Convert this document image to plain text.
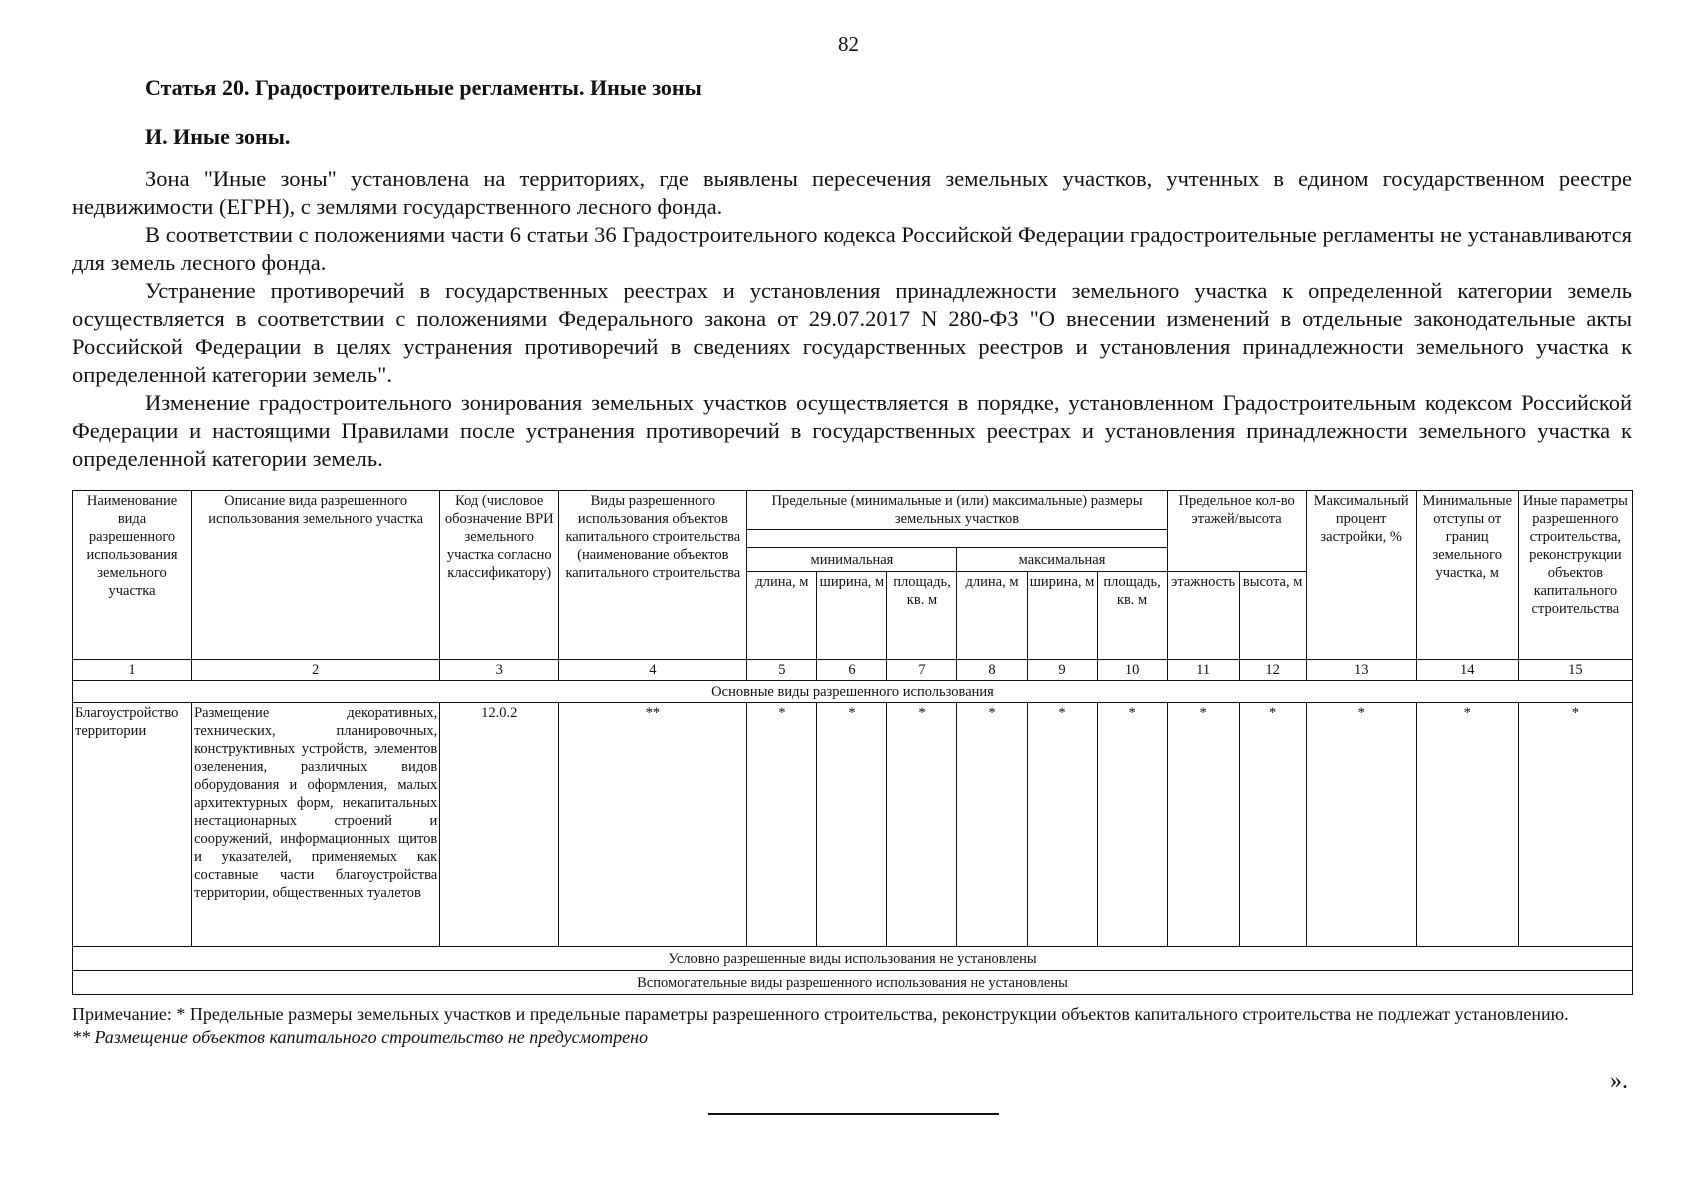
82
Статья 20. Градостроительные регламенты. Иные зоны
И. Иные зоны.

Зона "Иные зоны" установлена на территориях, где выявлены пересечения земельных участков, учтенных в едином государственном реестре недвижимости (ЕГРН), с землями государственного лесного фонда.

В соответствии с положениями части 6 статьи 36 Градостроительного кодекса Российской Федерации градостроительные регламенты не устанавливаются для земель лесного фонда.

Устранение противоречий в государственных реестрах и установления принадлежности земельного участка к определенной категории земель осуществляется в соответствии с положениями Федерального закона от 29.07.2017 N 280-ФЗ "О внесении изменений в отдельные законодательные акты Российской Федерации в целях устранения противоречий в сведениях государственных реестров и установления принадлежности земельного участка к определенной категории земель".

Изменение градостроительного зонирования земельных участков осуществляется в порядке, установленном Градостроительным кодексом Российской Федерации и настоящими Правилами после устранения противоречий в государственных реестрах и установления принадлежности земельного участка к определенной категории земель.

Наименование вида разрешенного использования земельного участка	Описание вида разрешенного использования земельного участка	Код (числовое обозначение ВРИ земельного участка согласно классификатору)	Виды разрешенного использования объектов капитального строительства (наименование объектов капитального строительства	Предельные (минимальные и (или) максимальные) размеры земельных участков						Предельное кол-во этажей/высота		Максимальный процент застройки, %	Минимальные отступы от границ земельного участка, м	Иные параметры разрешенного строительства, реконструкции объектов капитального строительства

				минимальная			максимальная							
				длина, м	ширина, м	площадь, кв. м	длина, м	ширина, м	площадь, кв. м	этажность	высота, м			
1	2	3	4	5	6	7	8	9	10	11	12	13	14	15
Основные виды разрешенного использования														
Благоустройство территории	Размещение декоративных, технических, планировочных, конструктивных устройств, элементов озеленения, различных видов оборудования и оформления, малых архитектурных форм, некапитальных нестационарных строений и сооружений, информационных щитов и указателей, применяемых как составные части благоустройства территории, общественных туалетов	12.0.2	**	*	*	*	*	*	*	*	*	*	*	*
Условно разрешенные виды использования не установлены														
Вспомогательные виды разрешенного использования не установлены														
Примечание: * Предельные размеры земельных участков и предельные параметры разрешенного строительства, реконструкции объектов капитального строительства не подлежат установлению.
** Размещение объектов капитального строительство не предусмотрено
».
